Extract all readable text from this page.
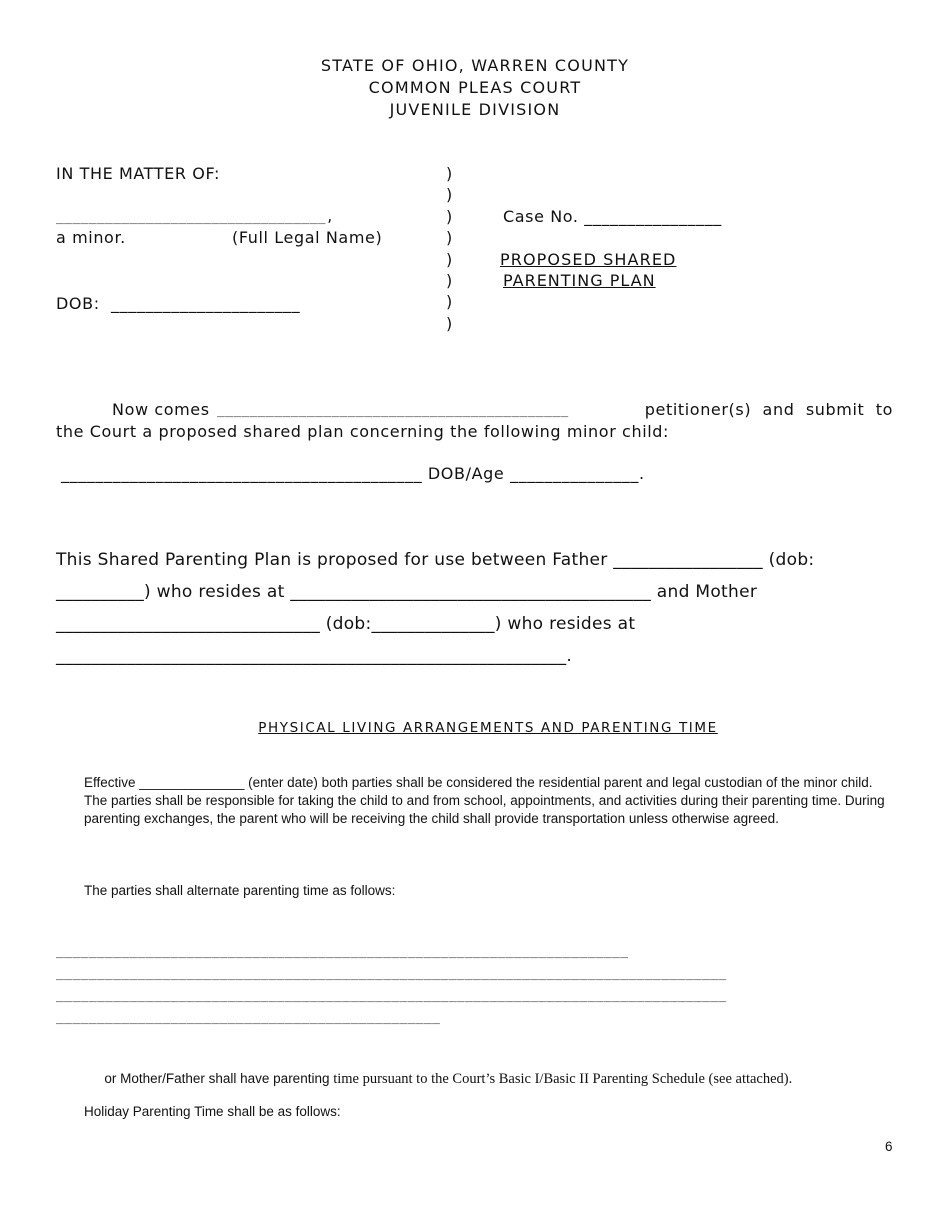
STATE OF OHIO, WARREN COUNTY
COMMON PLEAS COURT
JUVENILE DIVISION
IN THE MATTER OF:
_________________________________,
a minor.	(Full Legal Name)
DOB:  ______________________
)
)
)
)
)
)
)
)
Case No. ________________
PROPOSED SHARED
PARENTING PLAN
Now comes ___________________________________________	petitioner(s)  and  submit  to
the Court a proposed shared plan concerning the following minor child:
__________________________________________ DOB/Age _______________.
This Shared Parenting Plan is proposed for use between Father _________________ (dob:
__________) who resides at _________________________________________ and Mother
______________________________ (dob:______________) who resides at
__________________________________________________________.
PHYSICAL LIVING ARRANGEMENTS AND PARENTING TIME
Effective ______________ (enter date) both parties shall be considered the residential parent and legal custodian of the minor child. The parties shall be responsible for taking the child to and from school, appointments, and activities during their parenting time. During parenting exchanges, the parent who will be receiving the child shall provide transportation unless otherwise agreed.
The parties shall alternate parenting time as follows:
______________________________________________________________________
__________________________________________________________________________________
__________________________________________________________________________________
_______________________________________________

or Mother/Father shall have parenting time pursuant to the Court’s Basic I/Basic II Parenting Schedule (see attached).

Holiday Parenting Time shall be as follows:
6
